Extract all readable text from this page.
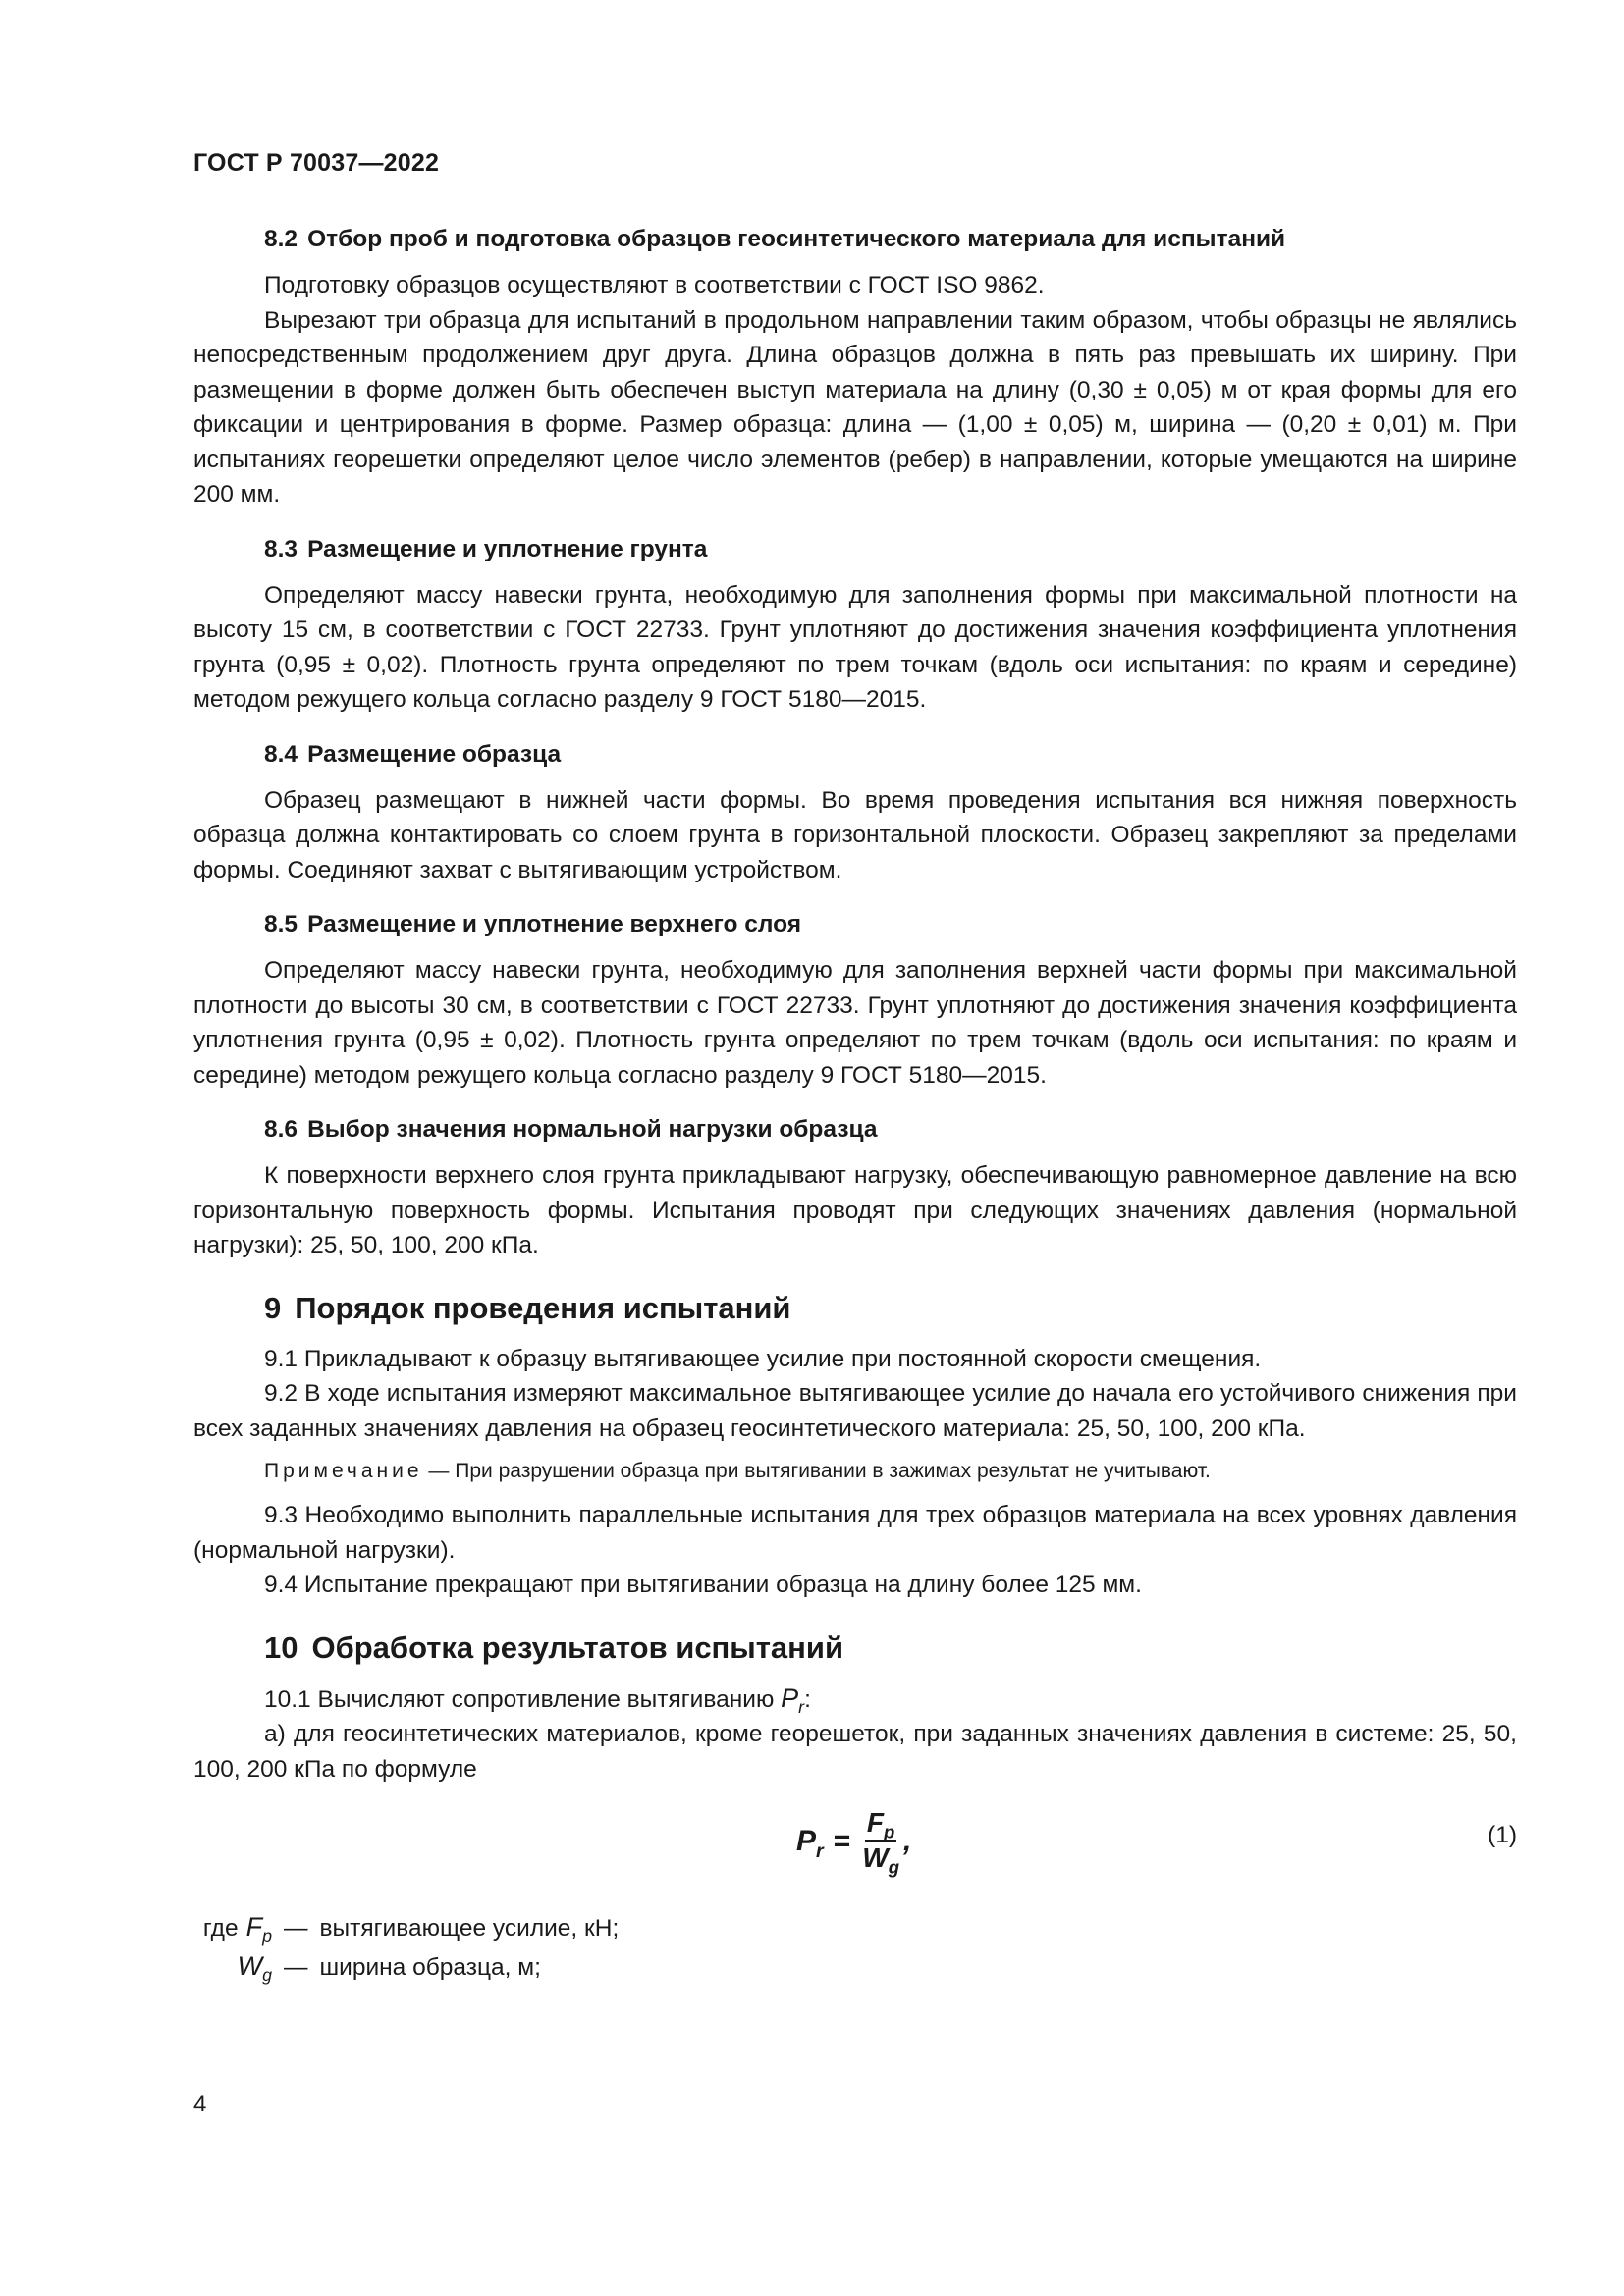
ГОСТ Р 70037—2022
8.2 Отбор проб и подготовка образцов геосинтетического материала для испытаний

Подготовку образцов осуществляют в соответствии с ГОСТ ISO 9862.

Вырезают три образца для испытаний в продольном направлении таким образом, чтобы образцы не являлись непосредственным продолжением друг друга. Длина образцов должна в пять раз превышать их ширину. При размещении в форме должен быть обеспечен выступ материала на длину (0,30 ± 0,05) м от края формы для его фиксации и центрирования в форме. Размер образца: длина — (1,00 ± 0,05) м, ширина — (0,20 ± 0,01) м. При испытаниях георешетки определяют целое число элементов (ребер) в направлении, которые умещаются на ширине 200 мм.

8.3 Размещение и уплотнение грунта

Определяют массу навески грунта, необходимую для заполнения формы при максимальной плотности на высоту 15 см, в соответствии с ГОСТ 22733. Грунт уплотняют до достижения значения коэффициента уплотнения грунта (0,95 ± 0,02). Плотность грунта определяют по трем точкам (вдоль оси испытания: по краям и середине) методом режущего кольца согласно разделу 9 ГОСТ 5180—2015.

8.4 Размещение образца

Образец размещают в нижней части формы. Во время проведения испытания вся нижняя поверхность образца должна контактировать со слоем грунта в горизонтальной плоскости. Образец закрепляют за пределами формы. Соединяют захват с вытягивающим устройством.

8.5 Размещение и уплотнение верхнего слоя

Определяют массу навески грунта, необходимую для заполнения верхней части формы при максимальной плотности до высоты 30 см, в соответствии с ГОСТ 22733. Грунт уплотняют до достижения значения коэффициента уплотнения грунта (0,95 ± 0,02). Плотность грунта определяют по трем точкам (вдоль оси испытания: по краям и середине) методом режущего кольца согласно разделу 9 ГОСТ 5180—2015.

8.6 Выбор значения нормальной нагрузки образца

К поверхности верхнего слоя грунта прикладывают нагрузку, обеспечивающую равномерное давление на всю горизонтальную поверхность формы. Испытания проводят при следующих значениях давления (нормальной нагрузки): 25, 50, 100, 200 кПа.

9 Порядок проведения испытаний

9.1 Прикладывают к образцу вытягивающее усилие при постоянной скорости смещения.

9.2 В ходе испытания измеряют максимальное вытягивающее усилие до начала его устойчивого снижения при всех заданных значениях давления на образец геосинтетического материала: 25, 50, 100, 200 кПа.

Примечание — При разрушении образца при вытягивании в зажимах результат не учитывают.

9.3 Необходимо выполнить параллельные испытания для трех образцов материала на всех уровнях давления (нормальной нагрузки).

9.4 Испытание прекращают при вытягивании образца на длину более 125 мм.

10 Обработка результатов испытаний

10.1 Вычисляют сопротивление вытягиванию $P_r$:

а) для геосинтетических материалов, кроме георешеток, при заданных значениях давления в системе: 25, 50, 100, 200 кПа по формуле

$P_r = \frac{F_p}{W_g}$ ,	(1)
где $F_p$ — вытягивающее усилие, кН;
$W_g$ — ширина образца, м;
4
